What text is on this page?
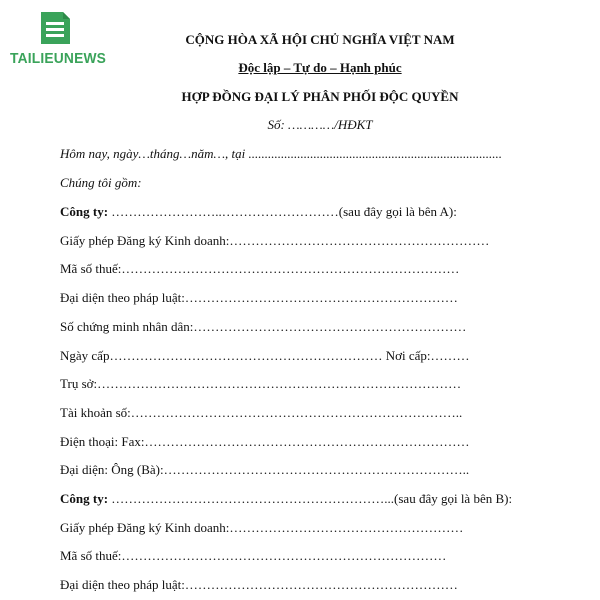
TAILIEUNEWS
CỘNG HÒA XÃ HỘI CHỦ NGHĨA VIỆT NAM
Độc lập – Tự do – Hạnh phúc
HỢP ĐỒNG ĐẠI LÝ PHÂN PHỐI ĐỘC QUYỀN
Số: …………/HĐKT
Hôm nay, ngày…tháng…năm…, tại ..............................................................................
Chúng tôi gồm:
Công ty: ……………………..………………………(sau đây gọi là bên A):
Giấy phép Đăng ký Kinh doanh:……………………………………………………
Mã số thuế:……………………………………………………………………
Đại diện theo pháp luật:………………………………………………………
Số chứng minh nhân dân:………………………………………………………
Ngày cấp……………………………………………………… Nơi cấp:………
Trụ sở:…………………………………………………………………………
Tài khoản số:…………………………………………………………………..
Điện thoại: Fax:…………………………………………………………………
Đại diện: Ông (Bà):……………………………………………………………..
Công ty: ………………………………………………………...(sau đây gọi là bên B):
Giấy phép Đăng ký Kinh doanh:………………………………………………
Mã số thuế:…………………………………………………………………
Đại diện theo pháp luật:………………………………………………………
